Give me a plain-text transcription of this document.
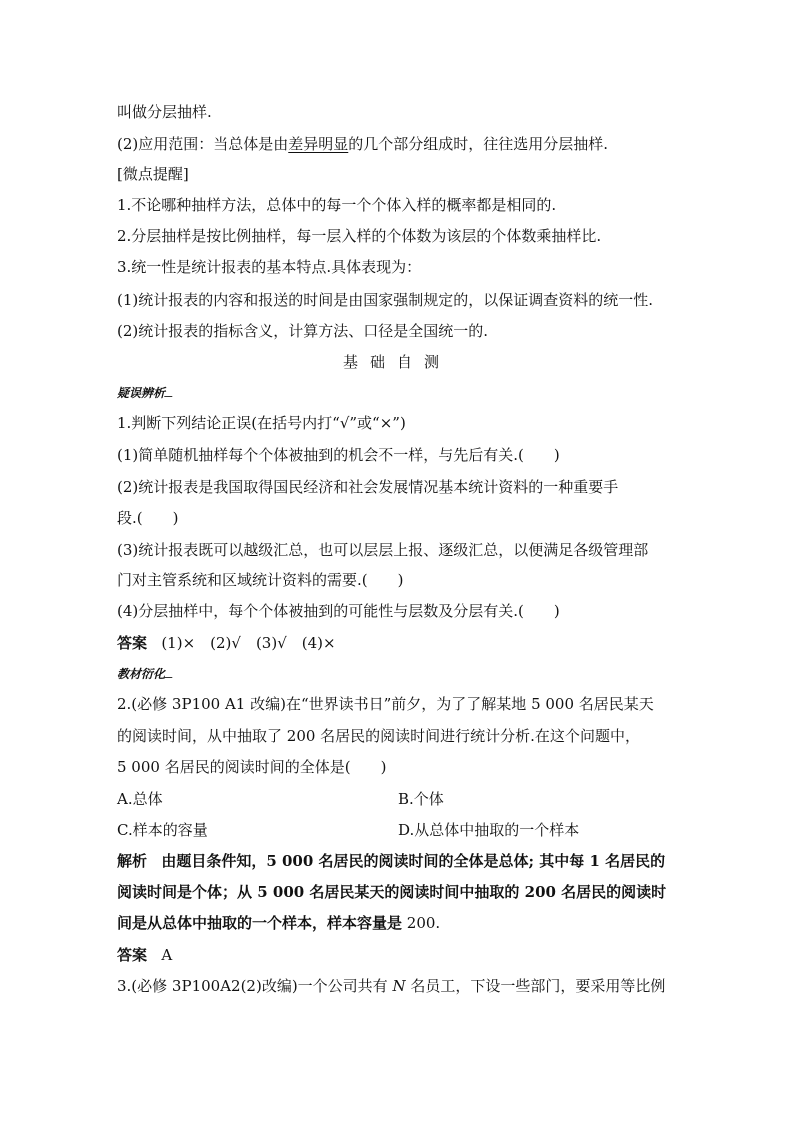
叫做分层抽样.
(2)应用范围：当总体是由差异明显的几个部分组成时，往往选用分层抽样.
[微点提醒]
1.不论哪种抽样方法，总体中的每一个个体入样的概率都是相同的.
2.分层抽样是按比例抽样，每一层入样的个体数为该层的个体数乘抽样比.
3.统一性是统计报表的基本特点.具体表现为：
(1)统计报表的内容和报送的时间是由国家强制规定的，以保证调查资料的统一性.
(2)统计报表的指标含义，计算方法、口径是全国统一的.
基础自测
疑误辨析
1.判断下列结论正误(在括号内打“√”或“×”)
(1)简单随机抽样每个个体被抽到的机会不一样，与先后有关.(　　)
(2)统计报表是我国取得国民经济和社会发展情况基本统计资料的一种重要手
段.(　　)
(3)统计报表既可以越级汇总，也可以层层上报、逐级汇总，以便满足各级管理部
门对主管系统和区域统计资料的需要.(　　)
(4)分层抽样中，每个个体被抽到的可能性与层数及分层有关.(　　)
答案 (1)×　(2)√　(3)√　(4)×
教材衍化
2.(必修 3P100 A1 改编)在“世界读书日”前夕，为了了解某地 5 000 名居民某天
的阅读时间，从中抽取了 200 名居民的阅读时间进行统计分析.在这个问题中，
5 000 名居民的阅读时间的全体是(　　)
A.总体	B.个体
C.样本的容量	D.从总体中抽取的一个样本
解析 由题目条件知，5 000 名居民的阅读时间的全体是总体; 其中每 1 名居民的
阅读时间是个体；从 5 000 名居民某天的阅读时间中抽取的 200 名居民的阅读时
间是从总体中抽取的一个样本，样本容量是 200.
答案 A
3.(必修 3P100A2(2)改编)一个公司共有 N 名员工，下设一些部门，要采用等比例
